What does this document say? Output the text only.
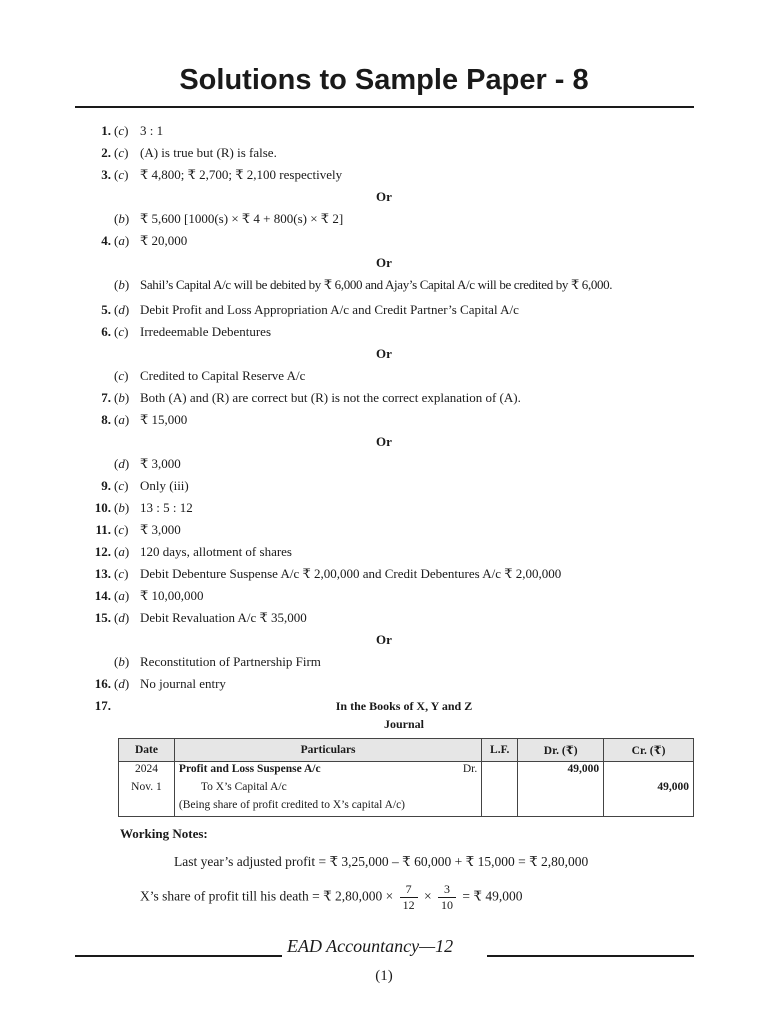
Solutions to Sample Paper - 8
1. (c) 3 : 1
2. (c) (A) is true but (R) is false.
3. (c) ₹ 4,800; ₹ 2,700; ₹ 2,100 respectively
Or
(b) ₹ 5,600 [1000(s) × ₹ 4 + 800(s) × ₹ 2]
4. (a) ₹ 20,000
Or
(b) Sahil’s Capital A/c will be debited by ₹ 6,000 and Ajay’s Capital A/c will be credited by ₹ 6,000.
5. (d) Debit Profit and Loss Appropriation A/c and Credit Partner’s Capital A/c
6. (c) Irredeemable Debentures
Or
(c) Credited to Capital Reserve A/c
7. (b) Both (A) and (R) are correct but (R) is not the correct explanation of (A).
8. (a) ₹ 15,000
Or
(d) ₹ 3,000
9. (c) Only (iii)
10. (b) 13 : 5 : 12
11. (c) ₹ 3,000
12. (a) 120 days, allotment of shares
13. (c) Debit Debenture Suspense A/c ₹ 2,00,000 and Credit Debentures A/c ₹ 2,00,000
14. (a) ₹ 10,00,000
15. (d) Debit Revaluation A/c ₹ 35,000
Or
(b) Reconstitution of Partnership Firm
16. (d) No journal entry
17.	In the Books of X, Y and Z
Journal
Date	Particulars	L.F.	Dr. (₹)	Cr. (₹)
2024	Profit and Loss Suspense A/c Dr.		49,000	
Nov. 1	To X’s Capital A/c			49,000
	(Being share of profit credited to X’s capital A/c)			
Working Notes:
Last year’s adjusted profit = ₹ 3,25,000 – ₹ 60,000 + ₹ 15,000 = ₹ 2,80,000
X’s share of profit till his death = ₹ $2,80,000 \times \frac{7}{12} \times \frac{3}{10}$ = ₹ 49,000
EAD Accountancy—12
(1)
